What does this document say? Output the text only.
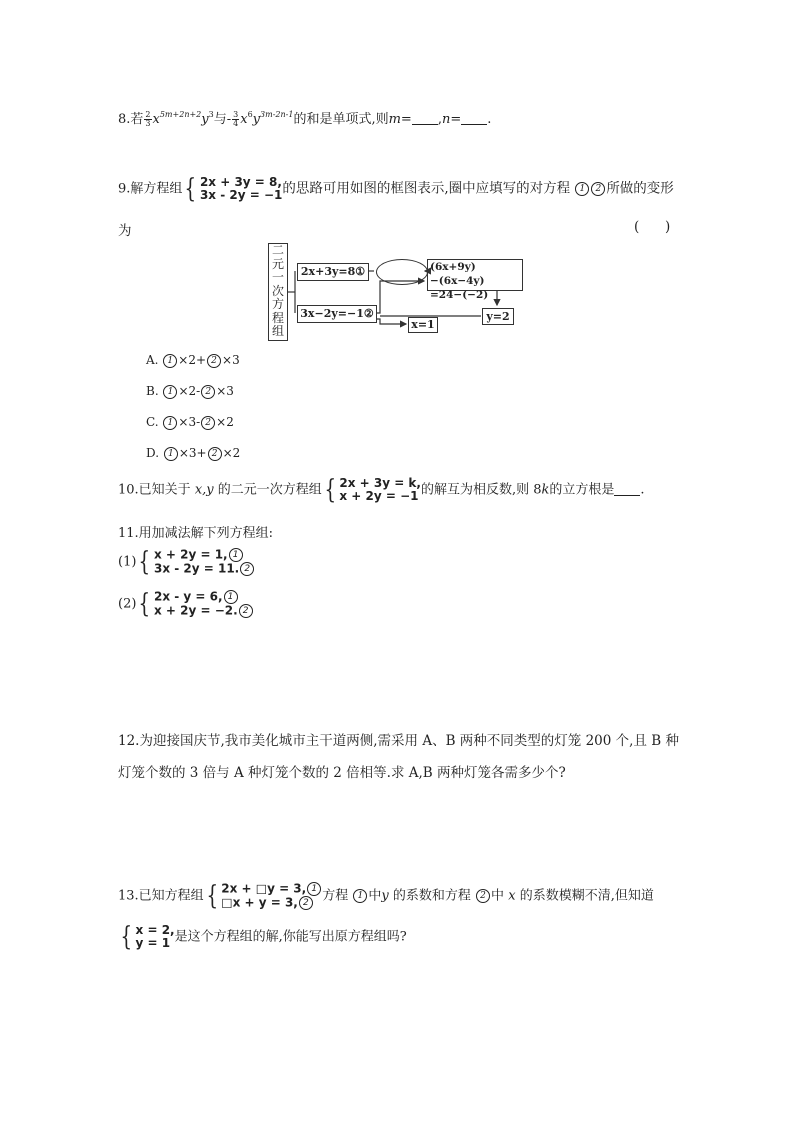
8.若 $\frac{2}{3} x^{5m+2n+2}y^3$与- $\frac{3}{4} x^6y^{3m-2n-1}$的和是单项式,则m= ,n= .
9.解方程组 { 2x + 3y = 8,
3x - 2y = −1 的思路可用如图的框图表示,圈中应填写的对方程 1 2 所做的变形
为	(      )
二
元
一
次
方
程
组
2x+3y=8①
3x−2y=−1②
(6x+9y)−(6x−4y)
=24−(−2)
y=2
x=1
A. 1 ×2+ 2 ×3
B. 1 ×2- 2 ×3
C. 1 ×3- 2 ×2
D. 1 ×3+ 2 ×2
10.已知关于 x,y 的二元一次方程组 { 2x + 3y = k,
x + 2y = −1 的解互为相反数,则 8k的立方根是 .
11.用加减法解下列方程组:
(1) { x + 2y = 1, 1
3x - 2y = 11. 2
(2) { 2x - y = 6, 1
x + 2y = −2. 2
12.为迎接国庆节,我市美化城市主干道两侧,需采用 A、B 两种不同类型的灯笼 200 个,且 B 种
灯笼个数的 3 倍与 A 种灯笼个数的 2 倍相等.求 A,B 两种灯笼各需多少个?
13.已知方程组 { 2x + □y = 3, 1
□x + y = 3, 2	方程 1 中y 的系数和方程 2 中 x 的系数模糊不清,但知道
{ x = 2,
y = 1 是这个方程组的解,你能写出原方程组吗?
